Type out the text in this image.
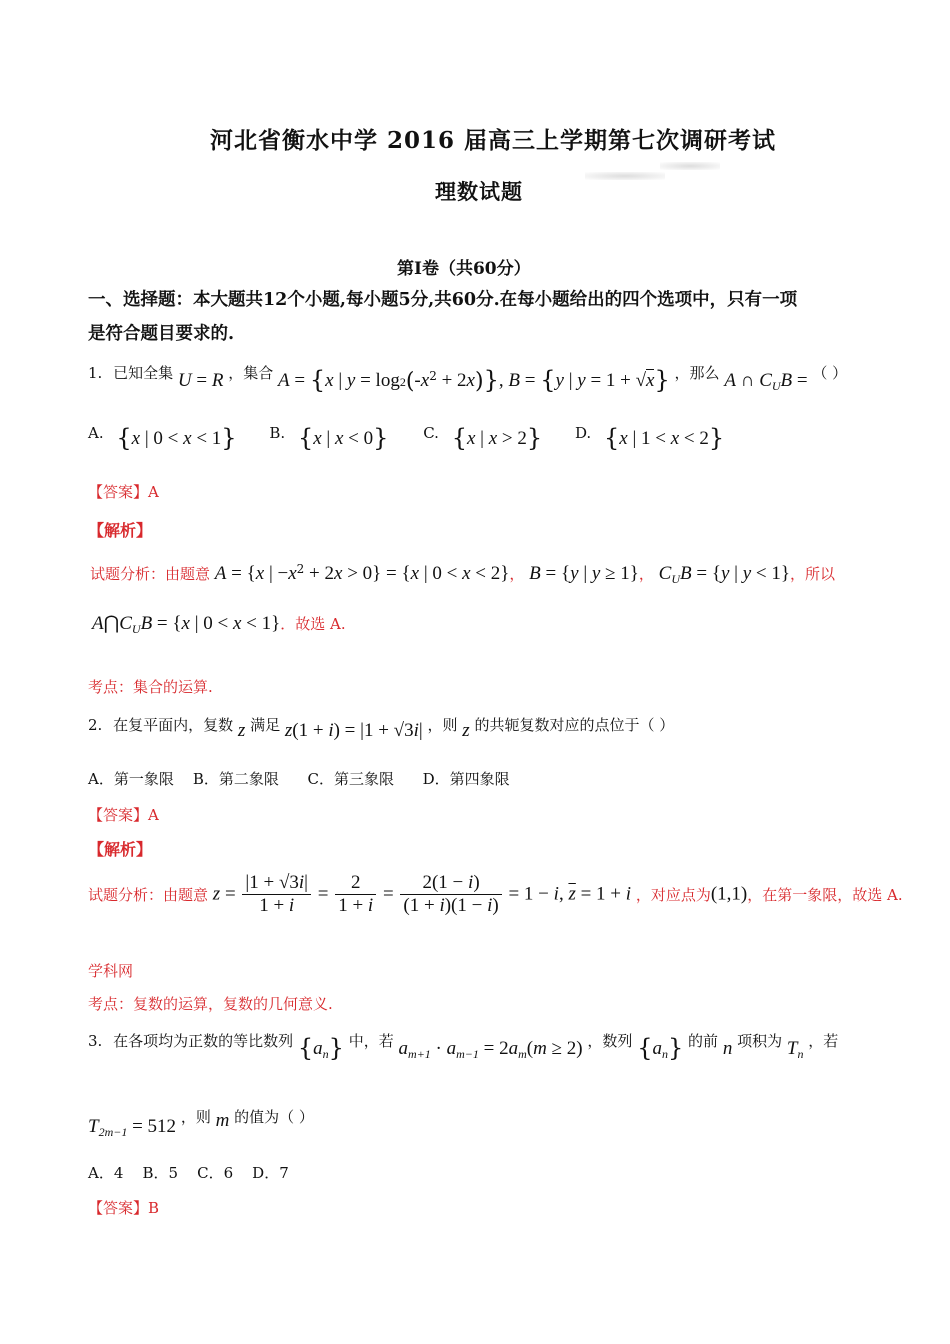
河北省衡水中学 2016 届高三上学期第七次调研考试
理数试题
第Ⅰ卷（共60分）
一、选择题：本大题共12个小题,每小题5分,共60分.在每小题给出的四个选项中，只有一项
是符合题目要求的.
1. 已知全集 U = R ，集合 A = {x | $y = \log 2(-x^2 + 2x)$}, B = {y | y = 1 + √x} ，那么 A ∩ $C_UB$ = （ ）
A. {x | 0 < x < 1} B. {x | x < 0} C. {x | x > 2} D. {x | 1 < x < 2}
【答案】A
【解析】
试题分析：由题意 A = {x | $-x^2 + 2x > 0\} = \{x$ | 0 < x < 2}， B = {y | y ≥ 1}， $C_UB = \{y$ | y < 1}，所以
$A⋂C_UB = \{x$ | 0 < x < 1}．故选 A.
考点：集合的运算.
2. 在复平面内，复数 z 满足 z(1 + i) = |1 + √3i| ，则 z 的共轭复数对应的点位于（ ）
A．第一象限    B．第二象限      C．第三象限      D．第四象限
【答案】A
【解析】
试题分析：由题意 $z = \frac{|1 + √3i|}{1 + i} = \frac{2}{1 + i} = \frac{2(1 - i)}{(1 + i)(1 - i)} = 1 - i$, $\overline{z} = 1 + i$ ，对应点为(1,1)，在第一象限，故选 A.
学科网
考点：复数的运算，复数的几何意义.
3. 在各项均为正数的等比数列 $\{a_n\}$ 中，若 $a_{m+1} \cdot a_{m-1} = 2a_m(m \ge 2)$ ，数列 $\{a_n\}$ 的前 n 项积为 $T_n$ ，若
$T_{2m-1} = 512$ ，则 m 的值为（ ）
A．4    B．5    C．6    D．7
【答案】B
